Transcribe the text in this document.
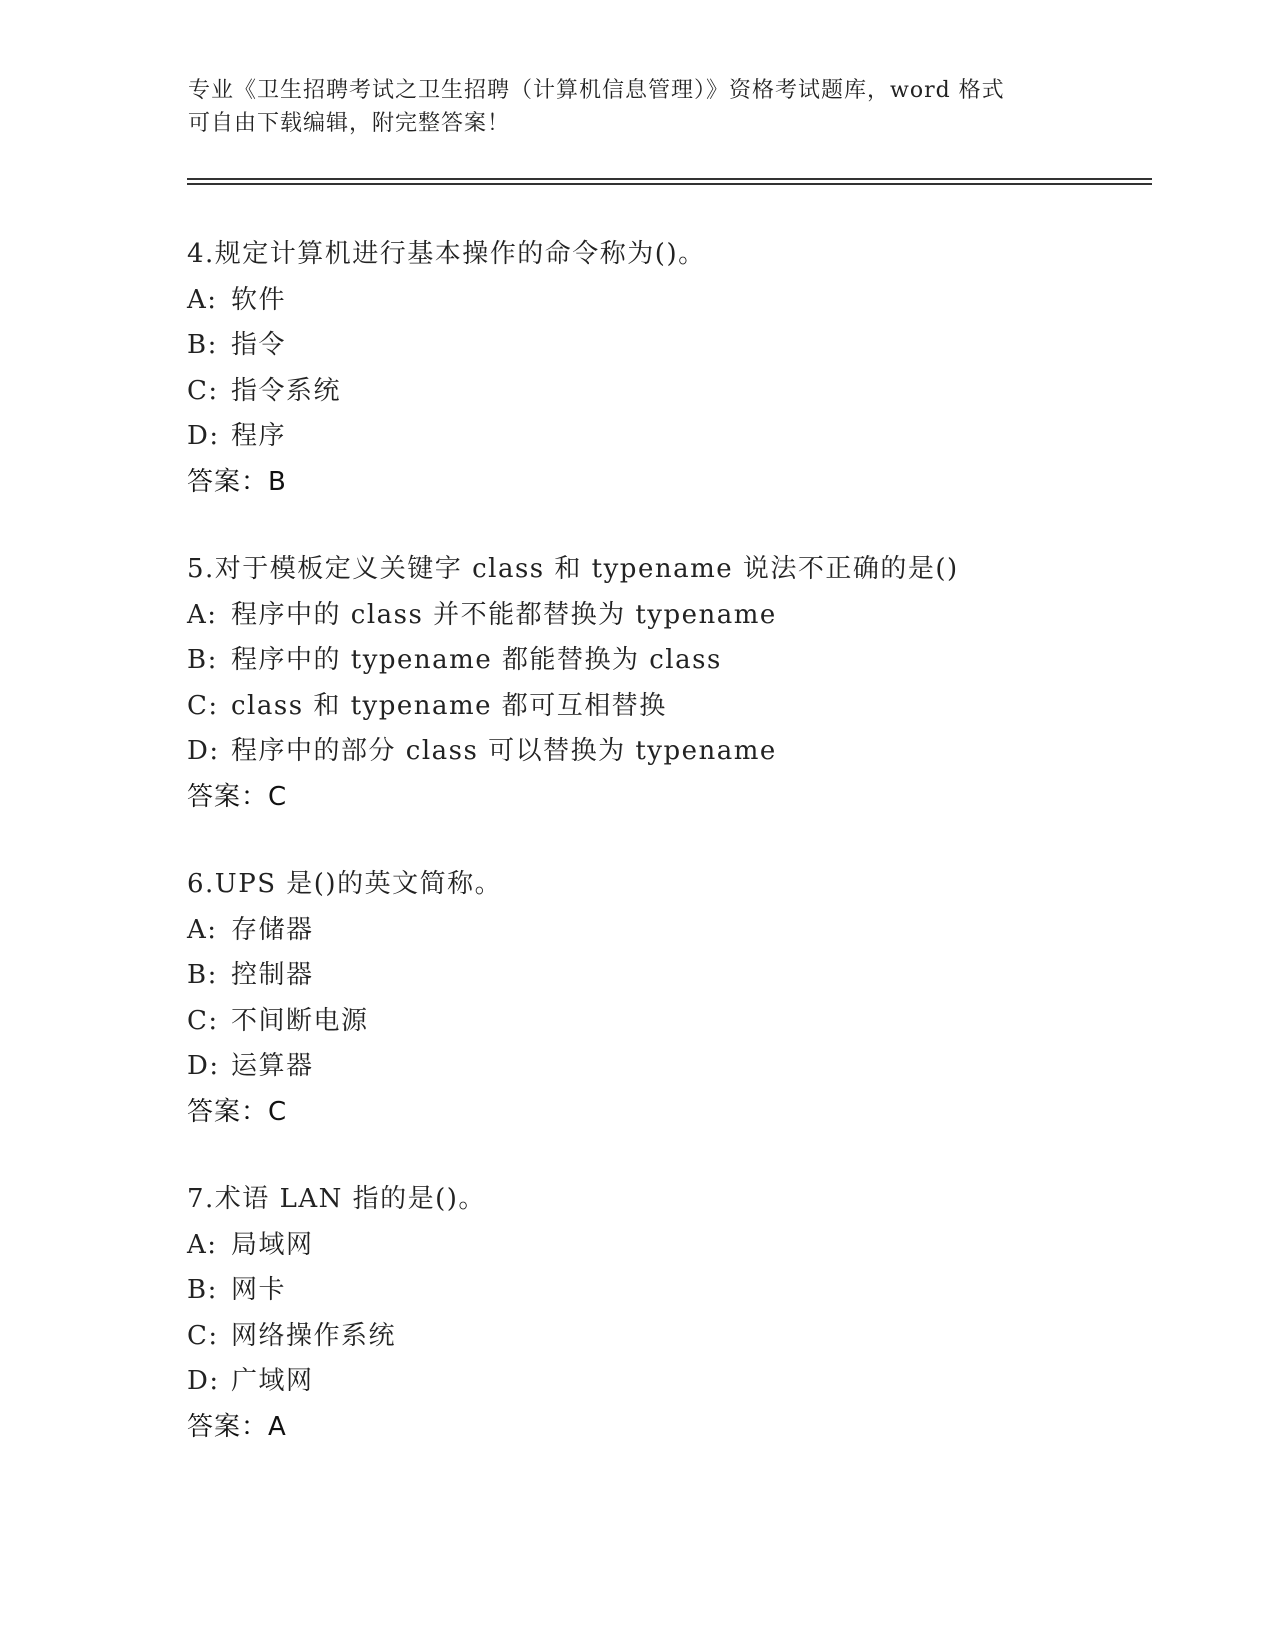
专业《卫生招聘考试之卫生招聘（计算机信息管理）》资格考试题库，word 格式
可自由下载编辑，附完整答案！
4.规定计算机进行基本操作的命令称为()。
A: 软件
B: 指令
C: 指令系统
D: 程序
答案：B
5.对于模板定义关键字 class 和 typename 说法不正确的是()
A: 程序中的 class 并不能都替换为 typename
B: 程序中的 typename 都能替换为 class
C: class 和 typename 都可互相替换
D: 程序中的部分 class 可以替换为 typename
答案：C
6.UPS 是()的英文简称。
A: 存储器
B: 控制器
C: 不间断电源
D: 运算器
答案：C
7.术语 LAN 指的是()。
A: 局域网
B: 网卡
C: 网络操作系统
D: 广域网
答案：A
